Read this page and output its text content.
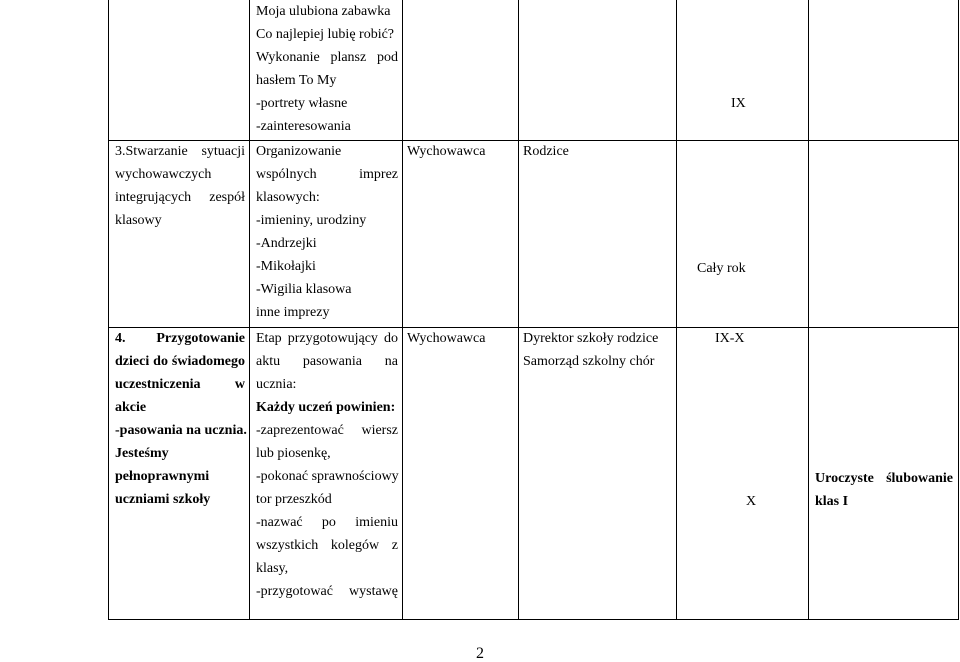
Moja ulubiona zabawka
Co najlepiej lubię robić?
Wykonanie plansz pod
hasłem To My
-portrety własne
-zainteresowania
IX
3.Stwarzanie sytuacji
wychowawczych
integrujących zespół
klasowy
Organizowanie
wspólnych imprez
klasowych:
-imieniny, urodziny
-Andrzejki
-Mikołajki
-Wigilia klasowa
inne imprezy
Wychowawca	Rodzice
Cały rok
4. Przygotowanie
dzieci do świadomego
uczestniczenia w
akcie
-pasowania na ucznia.
Jesteśmy
pełnoprawnymi
uczniami szkoły
Etap przygotowujący do
aktu pasowania na
ucznia:
Każdy uczeń powinien:
-zaprezentować wiersz
lub piosenkę,
-pokonać sprawnościowy
tor przeszkód
-nazwać po imieniu
wszystkich kolegów z
klasy,
-przygotować wystawę
Wychowawca	Dyrektor szkoły rodzice
Samorząd szkolny chór
IX-X
X
Uroczyste ślubowanie
klas I
2
